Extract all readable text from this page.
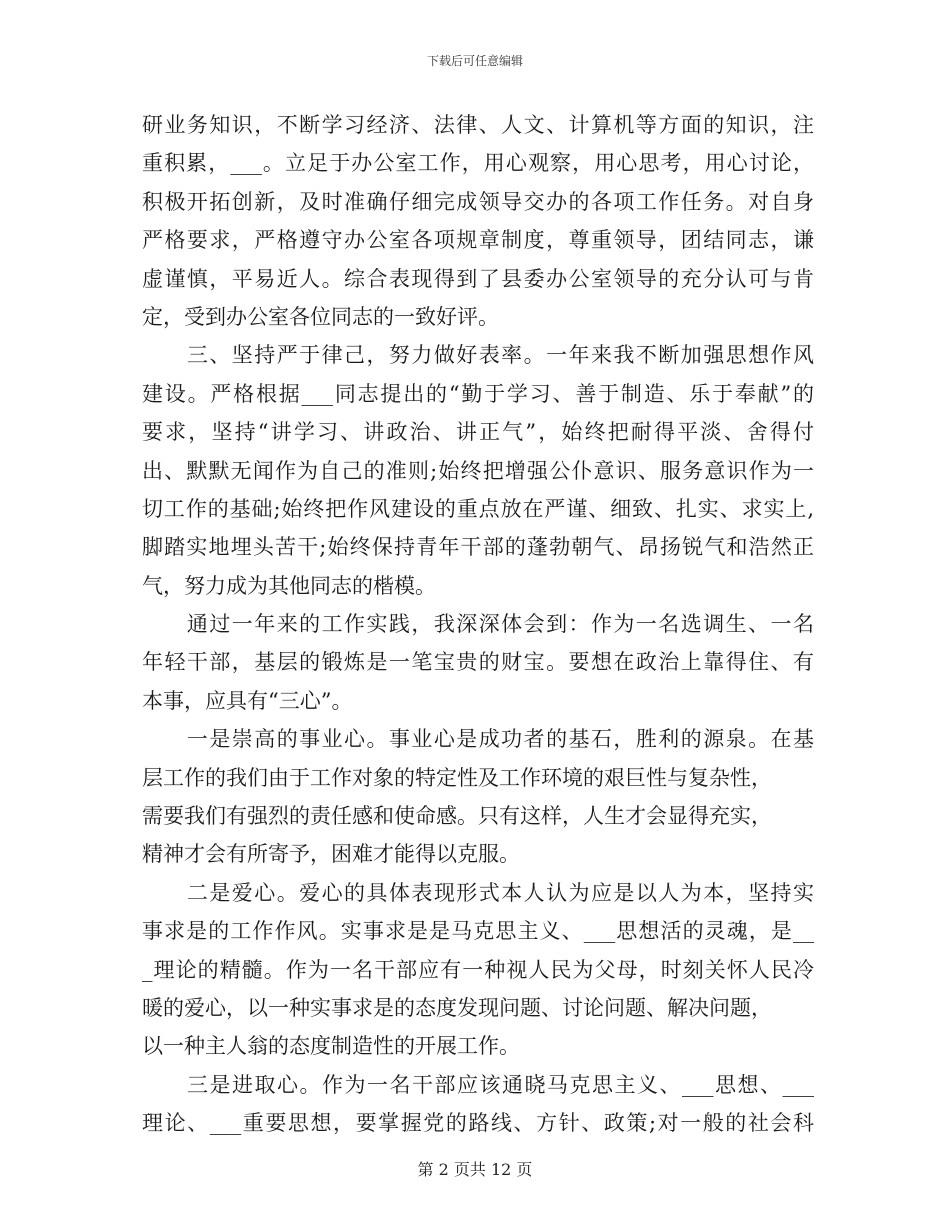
下载后可任意编辑
研业务知识，不断学习经济、法律、人文、计算机等方面的知识，注
重积累，___。立足于办公室工作，用心观察，用心思考，用心讨论，
积极开拓创新，及时准确仔细完成领导交办的各项工作任务。对自身
严格要求，严格遵守办公室各项规章制度，尊重领导，团结同志，谦
虚谨慎，平易近人。综合表现得到了县委办公室领导的充分认可与肯
定，受到办公室各位同志的一致好评。
　　三、坚持严于律己，努力做好表率。一年来我不断加强思想作风
建设。严格根据___同志提出的“勤于学习、善于制造、乐于奉献”的
要求，坚持“讲学习、讲政治、讲正气”，始终把耐得平淡、舍得付
出、默默无闻作为自己的准则;始终把增强公仆意识、服务意识作为一
切工作的基础;始终把作风建设的重点放在严谨、细致、扎实、求实上,
脚踏实地埋头苦干;始终保持青年干部的蓬勃朝气、昂扬锐气和浩然正
气，努力成为其他同志的楷模。
　　通过一年来的工作实践，我深深体会到：作为一名选调生、一名
年轻干部，基层的锻炼是一笔宝贵的财宝。要想在政治上靠得住、有
本事，应具有“三心”。
　　一是崇高的事业心。事业心是成功者的基石，胜利的源泉。在基
层工作的我们由于工作对象的特定性及工作环境的艰巨性与复杂性，
需要我们有强烈的责任感和使命感。只有这样，人生才会显得充实，
精神才会有所寄予，困难才能得以克服。
　　二是爱心。爱心的具体表现形式本人认为应是以人为本，坚持实
事求是的工作作风。实事求是是马克思主义、___思想活的灵魂，是__
_理论的精髓。作为一名干部应有一种视人民为父母，时刻关怀人民冷
暖的爱心，以一种实事求是的态度发现问题、讨论问题、解决问题，
以一种主人翁的态度制造性的开展工作。
　　三是进取心。作为一名干部应该通晓马克思主义、___思想、___
理论、___重要思想，要掌握党的路线、方针、政策;对一般的社会科
第 2 页共 12 页
